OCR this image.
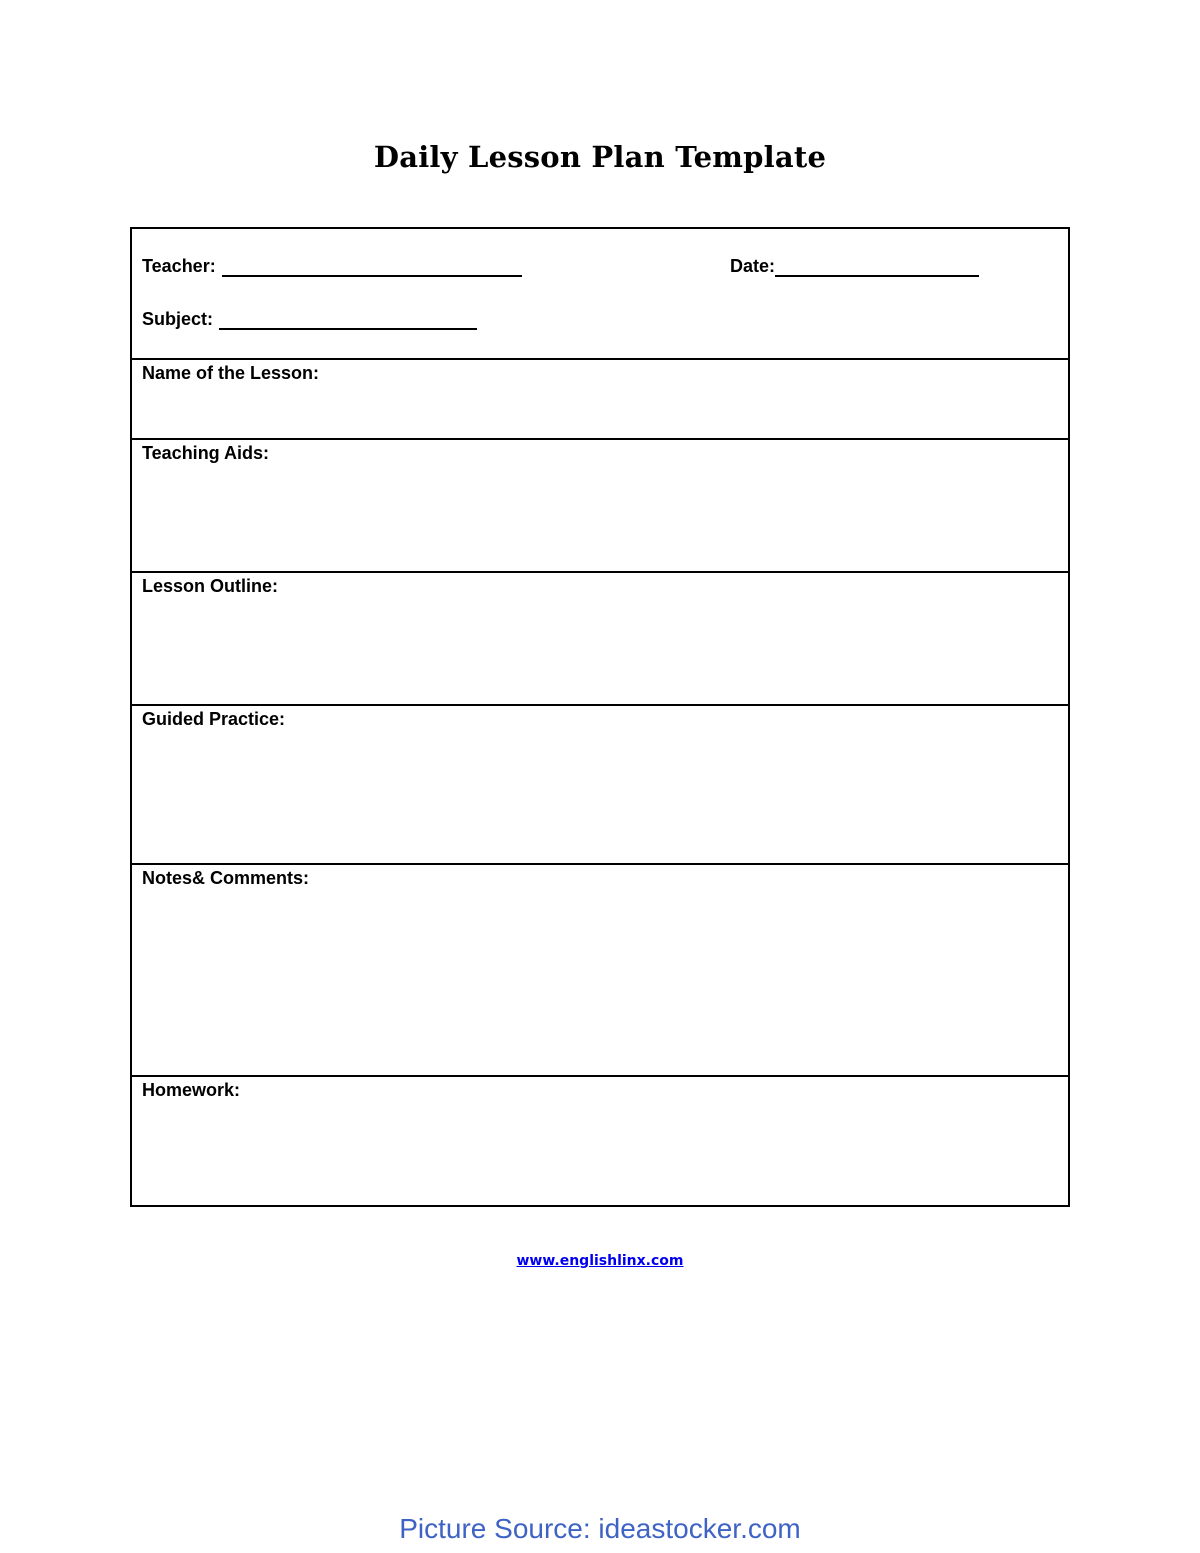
Daily Lesson Plan Template
Teacher:	Date:
Subject:
Name of the Lesson:
Teaching Aids:
Lesson Outline:
Guided Practice:
Notes& Comments:
Homework:
www.englishlinx.com
Picture Source: ideastocker.com
